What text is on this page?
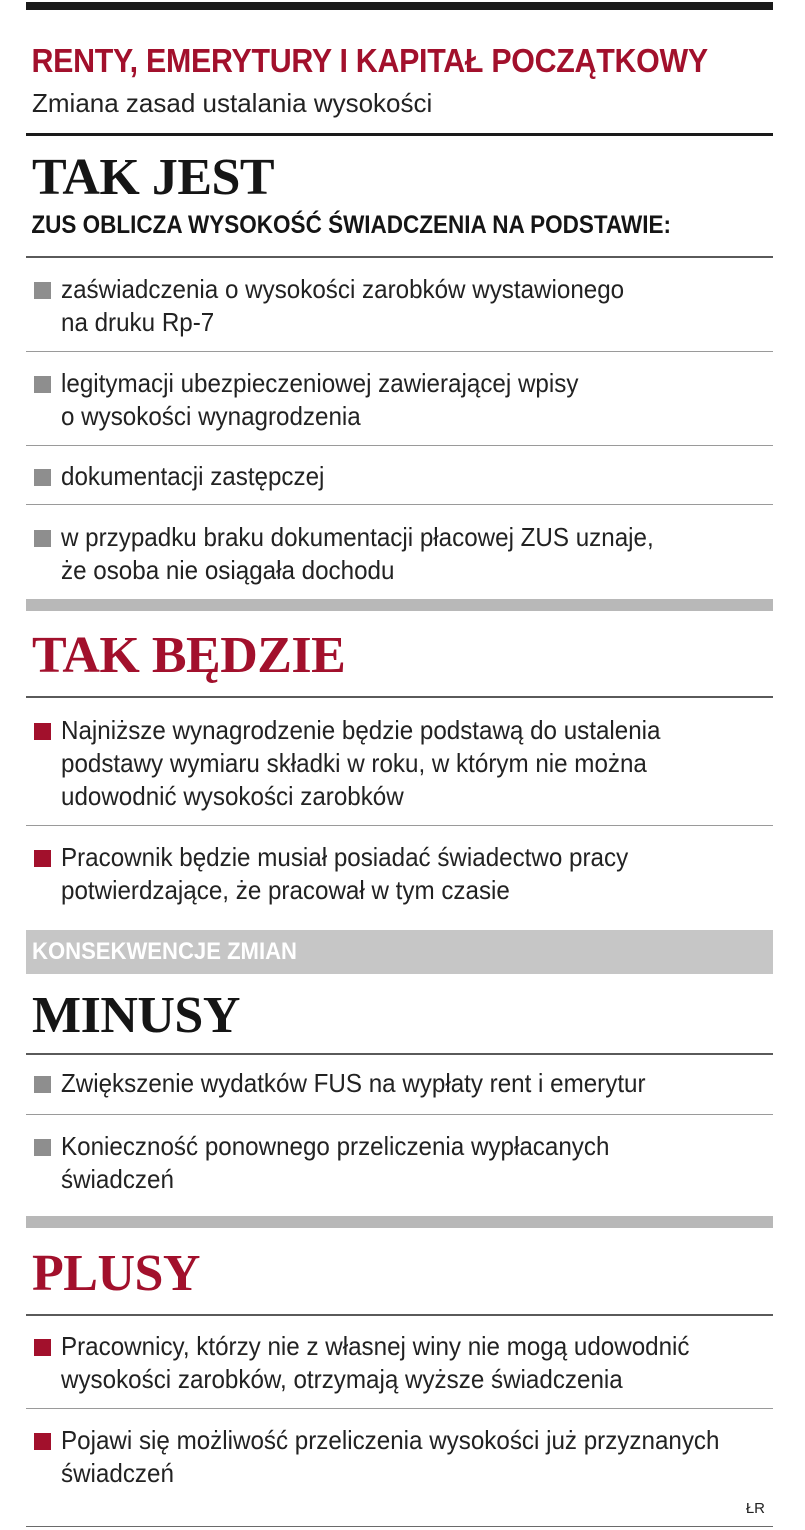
RENTY, EMERYTURY I KAPITAŁ POCZĄTKOWY
Zmiana zasad ustalania wysokości
TAK JEST
ZUS OBLICZA WYSOKOŚĆ ŚWIADCZENIA NA PODSTAWIE:
zaświadczenia o wysokości zarobków wystawionego
na druku Rp-7
legitymacji ubezpieczeniowej zawierającej wpisy
o wysokości wynagrodzenia
dokumentacji zastępczej
w przypadku braku dokumentacji płacowej ZUS uznaje,
że osoba nie osiągała dochodu
TAK BĘDZIE
Najniższe wynagrodzenie będzie podstawą do ustalenia
podstawy wymiaru składki w roku, w którym nie można
udowodnić wysokości zarobków
Pracownik będzie musiał posiadać świadectwo pracy
potwierdzające, że pracował w tym czasie
KONSEKWENCJE ZMIAN
MINUSY
Zwiększenie wydatków FUS na wypłaty rent i emerytur
Konieczność ponownego przeliczenia wypłacanych
świadczeń
PLUSY
Pracownicy, którzy nie z własnej winy nie mogą udowodnić
wysokości zarobków, otrzymają wyższe świadczenia
Pojawi się możliwość przeliczenia wysokości już przyznanych
świadczeń
ŁR
